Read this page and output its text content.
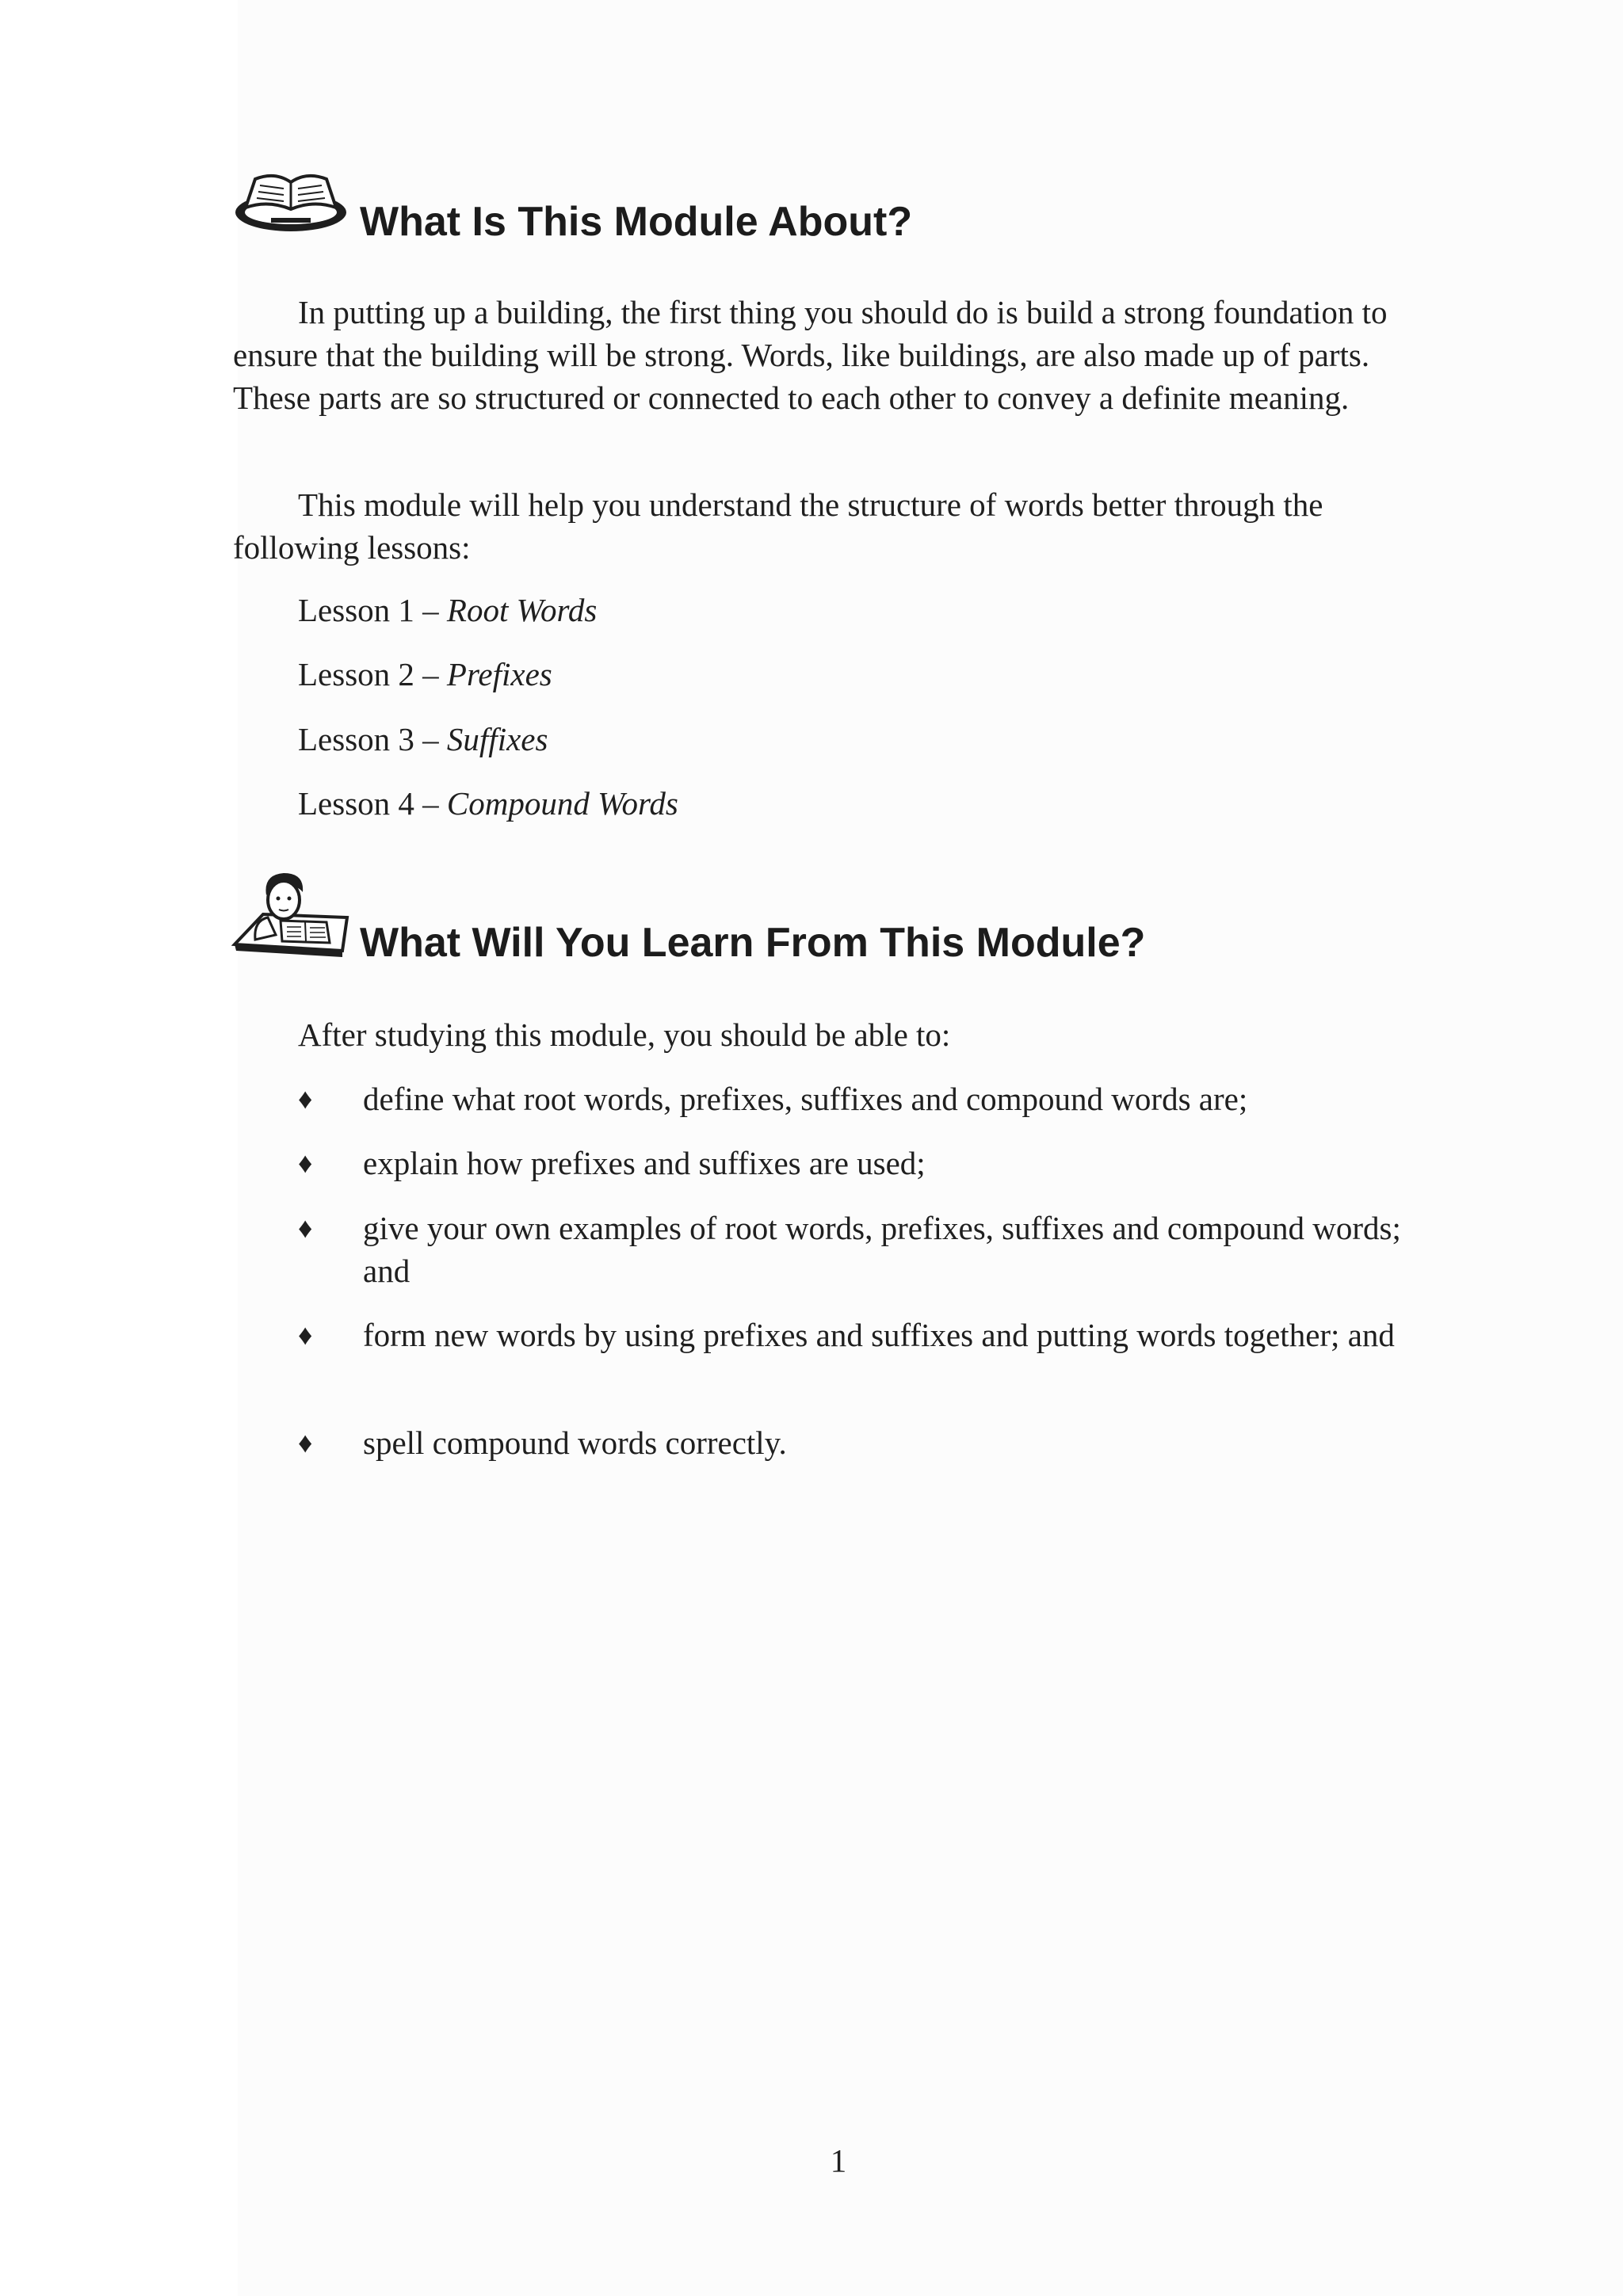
What Is This Module About?

In putting up a building, the first thing you should do is build a strong foundation to ensure that the building will be strong. Words, like buildings, are also made up of parts. These parts are so structured or connected to each other to convey a definite meaning.

This module will help you understand the structure of words better through the following lessons:

Lesson 1 – Root Words
Lesson 2 – Prefixes
Lesson 3 – Suffixes
Lesson 4 – Compound Words
What Will You Learn From This Module?
After studying this module, you should be able to:
♦ define what root words, prefixes, suffixes and compound words are;
♦ explain how prefixes and suffixes are used;
♦ give your own examples of root words, prefixes, suffixes and compound words; and
♦ form new words by using prefixes and suffixes and putting words together; and
♦ spell compound words correctly.
1
